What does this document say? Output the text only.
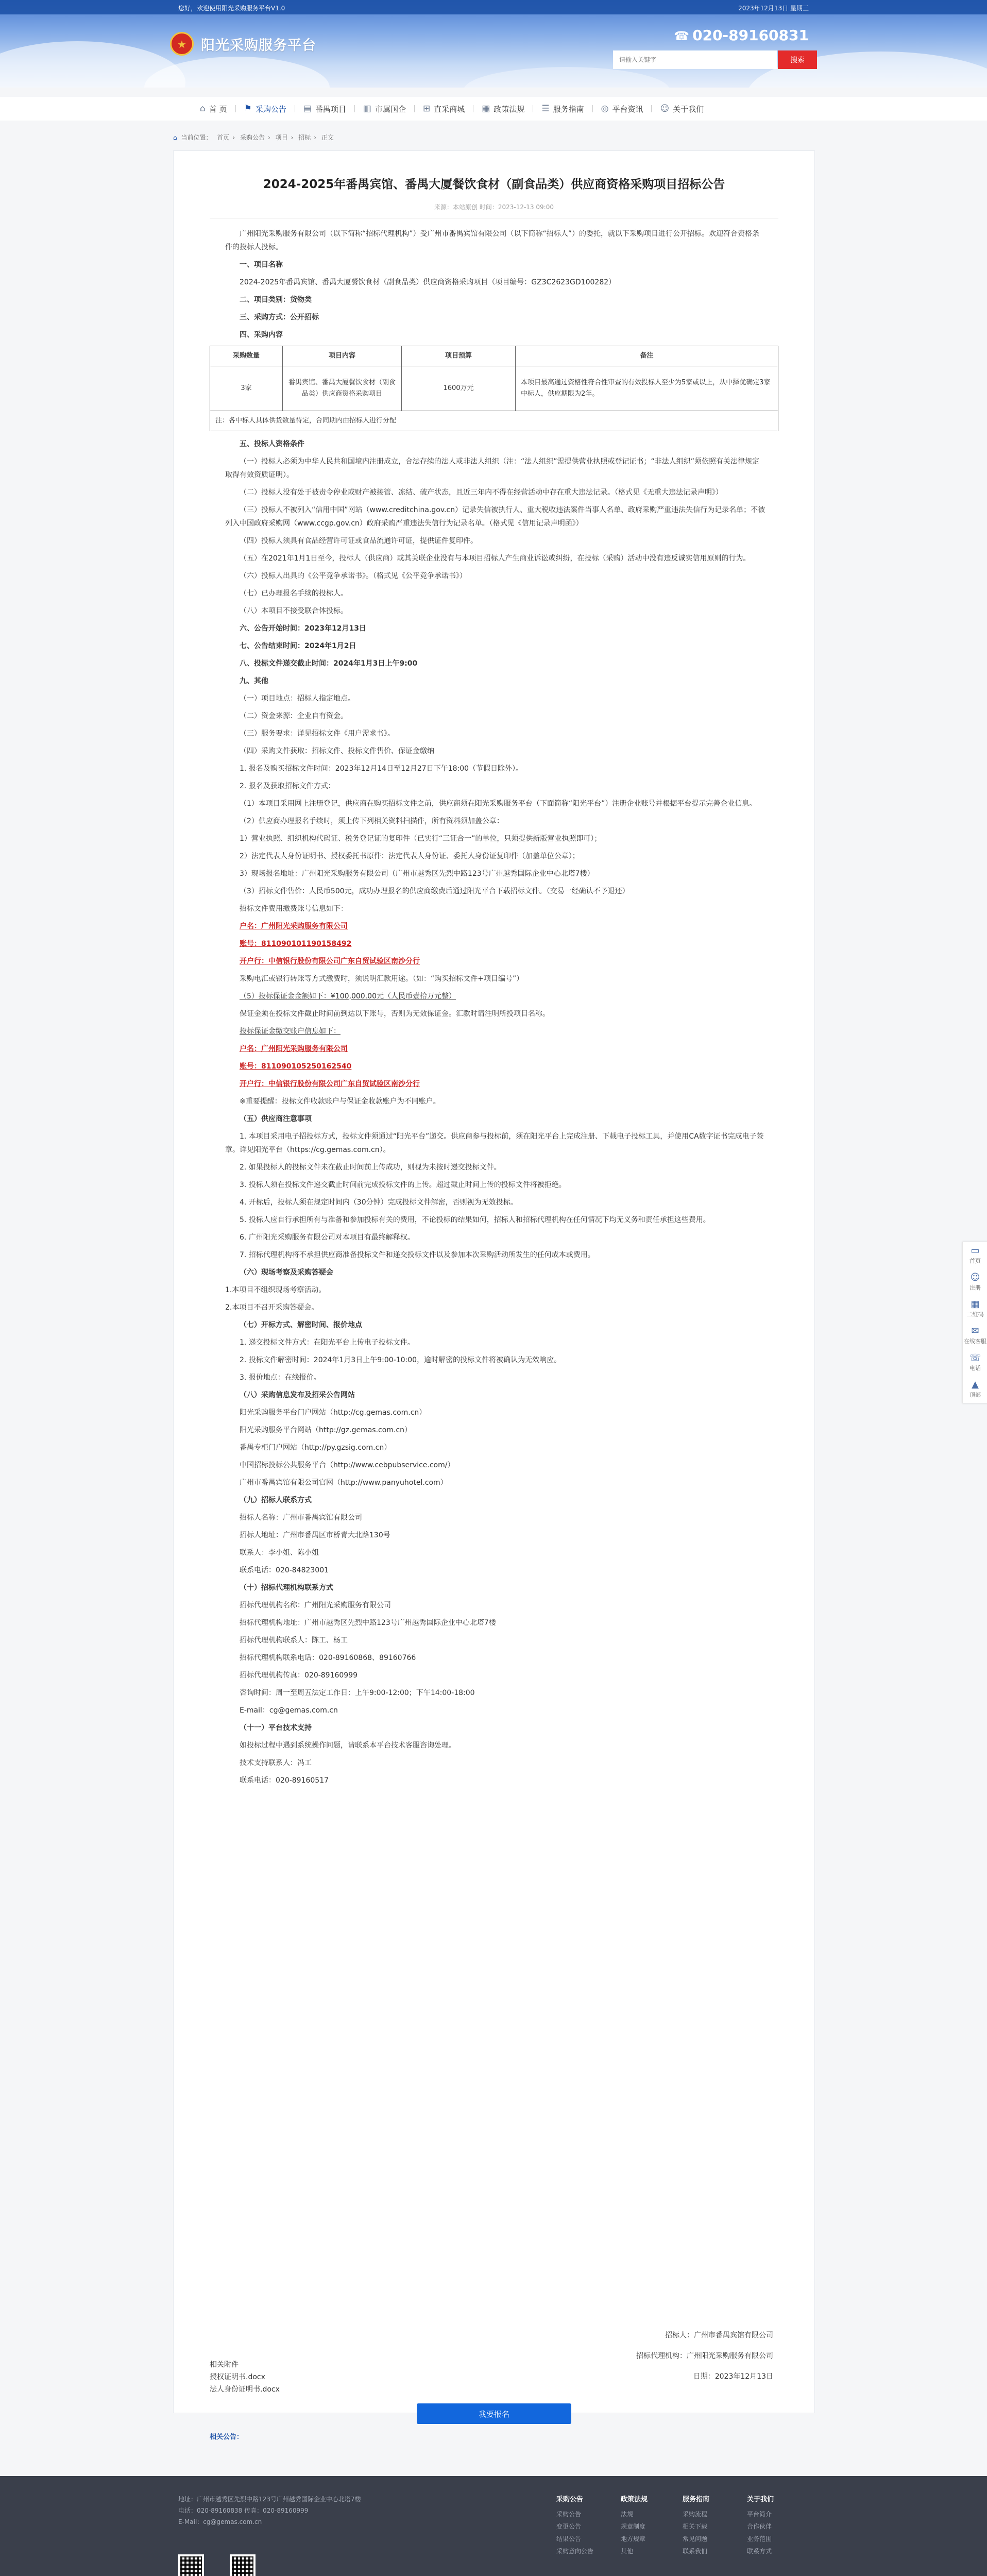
★
阳光采购服务平台
☎ 020-89160831
请输入关键字
搜索
您好，欢迎使用阳光采购服务平台V1.0	2023年12月13日 星期三
⌂ 首 页 ⚑ 采购公告 ▤ 番禺项目 ▥ 市属国企 ⊞ 直采商城 ▦ 政策法规 ☰ 服务指南 ◎ 平台资讯 ☺ 关于我们
⌂ 当前位置： 首页 › 采购公告 › 项目 › 招标 › 正文
2024-2025年番禺宾馆、番禺大厦餐饮食材（副食品类）供应商资格采购项目招标公告
来源：本站原创 时间：2023-12-13 09:00

广州阳光采购服务有限公司（以下简称“招标代理机构”）受广州市番禺宾馆有限公司（以下简称“招标人”）的委托，就以下采购项目进行公开招标。欢迎符合资格条件的投标人投标。

一、项目名称

2024-2025年番禺宾馆、番禺大厦餐饮食材（副食品类）供应商资格采购项目（项目编号：GZ3C2623GD100282）

二、项目类别：货物类

三、采购方式：公开招标

四、采购内容

采购数量	项目内容	项目预算	备注
3家	番禺宾馆、番禺大厦餐饮食材（副食品类）供应商资格采购项目	1600万元	本项目最高通过资格性符合性审查的有效投标人至少为5家或以上，从中择优确定3家中标人，供应期限为2年。
注：各中标人具体供货数量待定，合同期内由招标人进行分配			

五、投标人资格条件

（一）投标人必须为中华人民共和国境内注册成立，合法存续的法人或非法人组织（注：“法人组织”需提供营业执照或登记证书；“非法人组织”须依照有关法律规定取得有效资质证明）。

（二）投标人没有处于被责令停业或财产被接管、冻结、破产状态，且近三年内不得在经营活动中存在重大违法记录。（格式见《无重大违法记录声明》）

（三）投标人不被列入“信用中国”网站（www.creditchina.gov.cn）记录失信被执行人、重大税收违法案件当事人名单、政府采购严重违法失信行为记录名单；不被列入中国政府采购网（www.ccgp.gov.cn）政府采购严重违法失信行为记录名单。（格式见《信用记录声明函》）

（四）投标人须具有食品经营许可证或食品流通许可证，提供证件复印件。

（五）在2021年1月1日至今，投标人（供应商）或其关联企业没有与本项目招标人产生商业诉讼或纠纷，在投标（采购）活动中没有违反诚实信用原则的行为。

（六）投标人出具的《公平竞争承诺书》。（格式见《公平竞争承诺书》）

（七）已办理报名手续的投标人。

（八）本项目不接受联合体投标。

六、公告开始时间：2023年12月13日

七、公告结束时间：2024年1月2日

八、投标文件递交截止时间：2024年1月3日上午9:00

九、其他

（一）项目地点：招标人指定地点。

（二）资金来源：企业自有资金。

（三）服务要求：详见招标文件《用户需求书》。

（四）采购文件获取：招标文件、投标文件售价、保证金缴纳

1. 报名及购买招标文件时间：2023年12月14日至12月27日下午18:00（节假日除外）。

2. 报名及获取招标文件方式：

（1）本项目采用网上注册登记，供应商在购买招标文件之前，供应商须在阳光采购服务平台（下面简称“阳光平台”）注册企业账号并根据平台提示完善企业信息。

（2）供应商办理报名手续时，须上传下列相关资料扫描件，所有资料须加盖公章：

1）营业执照、组织机构代码证、税务登记证的复印件（已实行“三证合一”的单位，只须提供新版营业执照即可）；

2）法定代表人身份证明书、授权委托书原件：法定代表人身份证、委托人身份证复印件（加盖单位公章）；

3）现场报名地址：广州阳光采购服务有限公司（广州市越秀区先烈中路123号广州越秀国际企业中心北塔7楼）

（3）招标文件售价：人民币500元，成功办理报名的供应商缴费后通过阳光平台下载招标文件。（交易一经确认不予退还）

招标文件费用缴费账号信息如下：

户名：广州阳光采购服务有限公司

账号：811090101190158492

开户行：中信银行股份有限公司广东自贸试验区南沙分行

采购电汇或银行转账等方式缴费时，须说明汇款用途。（如：“购买招标文件+项目编号”）

（5）投标保证金金额如下：¥100,000.00元（人民币壹拾万元整）

保证金须在投标文件截止时间前到达以下账号，否则为无效保证金。汇款时请注明所投项目名称。

投标保证金缴交账户信息如下：

户名：广州阳光采购服务有限公司

账号：811090105250162540

开户行：中信银行股份有限公司广东自贸试验区南沙分行

※重要提醒：投标文件收款账户与保证金收款账户为不同账户。

（五）供应商注意事项

1. 本项目采用电子招投标方式，投标文件须通过“阳光平台”递交。供应商参与投标前，须在阳光平台上完成注册、下载电子投标工具，并使用CA数字证书完成电子签章。详见阳光平台（https://cg.gemas.com.cn）。

2. 如果投标人的投标文件未在截止时间前上传成功，则视为未按时递交投标文件。

3. 投标人须在投标文件递交截止时间前完成投标文件的上传。超过截止时间上传的投标文件将被拒绝。

4. 开标后，投标人须在规定时间内（30分钟）完成投标文件解密，否则视为无效投标。

5. 投标人应自行承担所有与准备和参加投标有关的费用，不论投标的结果如何，招标人和招标代理机构在任何情况下均无义务和责任承担这些费用。

6. 广州阳光采购服务有限公司对本项目有最终解释权。

7. 招标代理机构将不承担供应商准备投标文件和递交投标文件以及参加本次采购活动所发生的任何成本或费用。

（六）现场考察及采购答疑会

1.本项目不组织现场考察活动。

2.本项目不召开采购答疑会。

（七）开标方式、解密时间、报价地点

1. 递交投标文件方式：在阳光平台上传电子投标文件。

2. 投标文件解密时间：2024年1月3日上午9:00-10:00，逾时解密的投标文件将被确认为无效响应。

3. 报价地点：在线报价。

（八）采购信息发布及招采公告网站

阳光采购服务平台门户网站（http://cg.gemas.com.cn）

阳光采购服务平台网站（http://gz.gemas.com.cn）

番禺专柜门户网站（http://py.gzsig.com.cn）

中国招标投标公共服务平台（http://www.cebpubservice.com/）

广州市番禺宾馆有限公司官网（http://www.panyuhotel.com）

（九）招标人联系方式

招标人名称：广州市番禺宾馆有限公司

招标人地址：广州市番禺区市桥青大北路130号

联系人：李小姐、陈小姐

联系电话：020-84823001

（十）招标代理机构联系方式

招标代理机构名称：广州阳光采购服务有限公司

招标代理机构地址：广州市越秀区先烈中路123号广州越秀国际企业中心北塔7楼

招标代理机构联系人：陈工、杨工

招标代理机构联系电话：020-89160868、89160766

招标代理机构传真：020-89160999

咨询时间：周一至周五法定工作日：上午9:00-12:00；下午14:00-18:00

E-mail：cg@gemas.com.cn

（十一）平台技术支持

如投标过程中遇到系统操作问题，请联系本平台技术客服咨询处理。

技术支持联系人：冯工

联系电话：020-89160517

招标人：广州市番禺宾馆有限公司
招标代理机构：广州阳光采购服务有限公司
日期：2023年12月13日
相关附件
授权证明书.docx
法人身份证明书.docx
我要报名
相关公告：
▭
首页
☺
注册
▦
二维码
✉
在线客服
☏
电话
▲
顶部
地址：广州市越秀区先烈中路123号广州越秀国际企业中心北塔7楼
电话：020-89160838 传真：020-89160999
E-Mail：cg@gemas.com.cn
采购公告
采购公告
变更公告
结果公告
采购意向公告
政策法规
法规
规章制度
地方规章
其他
服务指南
采购流程
相关下载
常见问题
联系我们
关于我们
平台简介
合作伙伴
业务范围
联系方式
